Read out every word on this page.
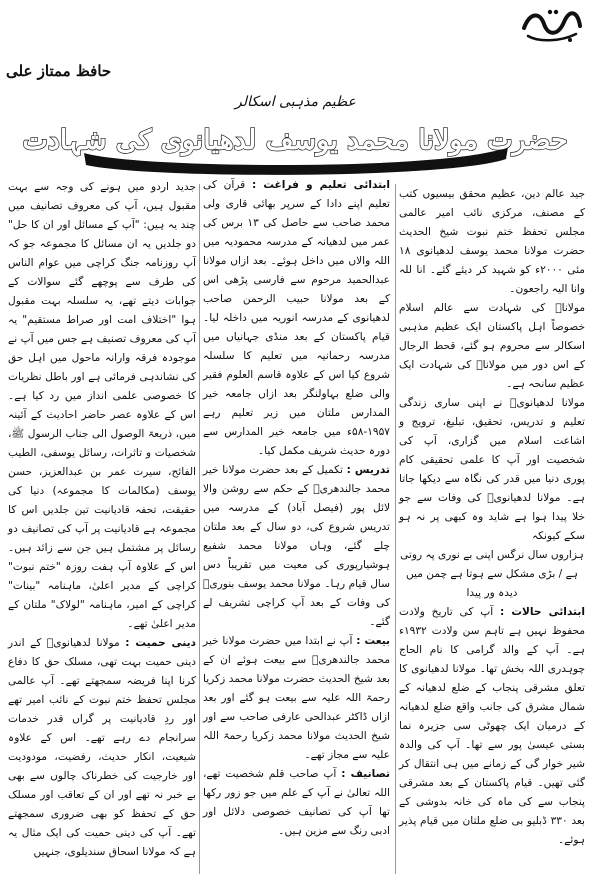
حافظ ممتاز علی
عظیم مذہبی اسکالر
حضرت مولانا محمد یوسف لدھیانوی کی شہادت

جید عالم دین، عظیم محقق بیسیوں کتب کے مصنف، مرکزی نائب امیر عالمی مجلس تحفظ ختم نبوت شیخ الحدیث حضرت مولانا محمد یوسف لدھیانوی ۱۸ مئی ۲۰۰۰ء کو شہید کر دیئے گئے۔ انا للہ وانا الیہ راجعون۔

مولاناؒ کی شہادت سے عالم اسلام خصوصاً اہل پاکستان ایک عظیم مذہبی اسکالر سے محروم ہو گئے، قحط الرجال کے اس دور میں مولاناؒ کی شہادت ایک عظیم سانحہ ہے۔

مولانا لدھیانویؒ نے اپنی ساری زندگی تعلیم و تدریس، تحقیق، تبلیغ، ترویج و اشاعت اسلام میں گزاری، آپ کی شخصیت اور آپ کا علمی تحقیقی کام پوری دنیا میں قدر کی نگاہ سے دیکھا جاتا ہے۔ مولانا لدھیانویؒ کی وفات سے جو خلا پیدا ہوا ہے شاید وہ کبھی پر نہ ہو سکے کیونکہ

ہزاروں سال نرگس اپنی بے نوری پہ روتی ہے / بڑی مشکل سے ہوتا ہے چمن میں دیدہ ور پیدا

ابتدائی حالات : آپ کی تاریخ ولادت محفوظ نہیں ہے تاہم سن ولادت ۱۹۳۲ء ہے۔ آپ کے والد گرامی کا نام الحاج چوہدری اللہ بخش تھا۔ مولانا لدھیانوی کا تعلق مشرقی پنجاب کے ضلع لدھیانہ کے شمال مشرق کی جانب واقع ضلع لدھیانہ کے درمیان ایک چھوٹی سی جزیرہ نما بستی عیسیٰ پور سے تھا۔ آپ کی والدہ شیر خوار گی کے زمانے میں ہی انتقال کر گئی تھیں۔ قیام پاکستان کے بعد مشرقی پنجاب سے کی ماہ کی خانہ بدوشی کے بعد ۳۳۰ ڈبلیو بی ضلع ملتان میں قیام پذیر ہوئے۔

ابتدائی تعلیم و فراغت : قرآن کی تعلیم اپنے دادا کے سرپر بھائی قاری ولی محمد صاحب سے حاصل کی ۱۳ برس کی عمر میں لدھیانہ کے مدرسہ محمودیہ میں اللہ والاں میں داخل ہوئے۔ بعد ازاں مولانا عبدالحمید مرحوم سے فارسی پڑھی اس کے بعد مولانا حبیب الرحمن صاحب لدھیانوی کے مدرسہ انوریہ میں داخلہ لیا۔ قیام پاکستان کے بعد منڈی جہانیاں میں مدرسہ رحمانیہ میں تعلیم کا سلسلہ شروع کیا اس کے علاوہ قاسم العلوم فقیر والی ضلع بہاولنگر بعد ازاں جامعہ خیر المدارس ملتان میں زیر تعلیم رہے ۱۹۵۷-۵۸ء میں جامعہ خیر المدارس سے دورہ حدیث شریف مکمل کیا۔

تدریس : تکمیل کے بعد حضرت مولانا خیر محمد جالندھریؒ کے حکم سے روشن والا لائل پور (فیصل آباد) کے مدرسہ میں تدریس شروع کی، دو سال کے بعد ملتان چلے گئے، وہاں مولانا محمد شفیع ہوشیارپوری کی معیت میں تقریباً دس سال قیام رہا۔ مولانا محمد یوسف بنوریؒ کی وفات کے بعد آپ کراچی تشریف لے گئے۔

بیعت : آپ نے ابتدا میں حضرت مولانا خیر محمد جالندھریؒ سے بیعت ہوئے ان کے بعد شیخ الحدیث حضرت مولانا محمد زکریا رحمۃ اللہ علیہ سے بیعت ہو گئے اور بعد ازاں ڈاکٹر عبدالحی عارفی صاحب سے اور شیخ الحدیث مولانا محمد زکریا رحمۃ اللہ علیہ سے مجاز تھے۔

تصانیف : آپ صاحب قلم شخصیت تھے، اللہ تعالیٰ نے آپ کے علم میں جو زور رکھا تھا آپ کی تصانیف خصوصی دلائل اور ادبی رنگ سے مزین ہیں۔

جدید اردو میں ہونے کی وجہ سے بہت مقبول ہیں، آپ کی معروف تصانیف میں چند یہ ہیں: "آپ کے مسائل اور ان کا حل" دو جلدیں یہ ان مسائل کا مجموعہ جو کہ آپ روزنامہ جنگ کراچی میں عوام الناس کی طرف سے پوچھے گئے سوالات کے جوابات دیتے تھے، یہ سلسلہ بہت مقبول ہوا "اختلاف امت اور صراط مستقیم" یہ آپ کی معروف تصنیف ہے جس میں آپ نے موجودہ فرقہ وارانہ ماحول میں اہل حق کی نشاندہی فرمائی ہے اور باطل نظریات کا خصوصی علمی انداز میں رد کیا ہے۔ اس کے علاوہ عصر حاضر احادیث کے آئینہ میں، ذریعۃ الوصول الی جناب الرسول ﷺ، شخصیات و تاثرات، رسائل یوسفی، الطیب الفائح، سیرت عمر بن عبدالعزیز، حسن یوسف (مکالمات کا مجموعہ) دنیا کی حقیقت، تحفہ قادیانیت تین جلدیں اس کا مجموعہ ہے قادیانیت پر آپ کی تصانیف دو رسائل پر مشتمل ہیں جن سے زائد ہیں۔ اس کے علاوہ آپ ہفت روزہ "ختم نبوت" کراچی کے مدیر اعلیٰ، ماہنامہ "بینات" کراچی کے امیر، ماہنامہ "لولاک" ملتان کے مدیر اعلیٰ تھے۔

دینی حمیت : مولانا لدھیانویؒ کے اندر دینی حمیت بہت تھی، مسلک حق کا دفاع کرنا اپنا فریضہ سمجھتے تھے۔ آپ عالمی مجلس تحفظ ختم نبوت کے نائب امیر تھے اور ردِ قادیانیت پر گراں قدر خدمات سرانجام دے رہے تھے۔ اس کے علاوہ شیعیت، انکار حدیث، رفضیت، مودودیت اور خارجیت کی خطرناک چالوں سے بھی بے خبر نہ تھے اور ان کے تعاقب اور مسلک حق کے تحفظ کو بھی ضروری سمجھتے تھے۔ آپ کی دینی حمیت کی ایک مثال یہ ہے کہ مولانا اسحاق سندیلوی، جنہیں
